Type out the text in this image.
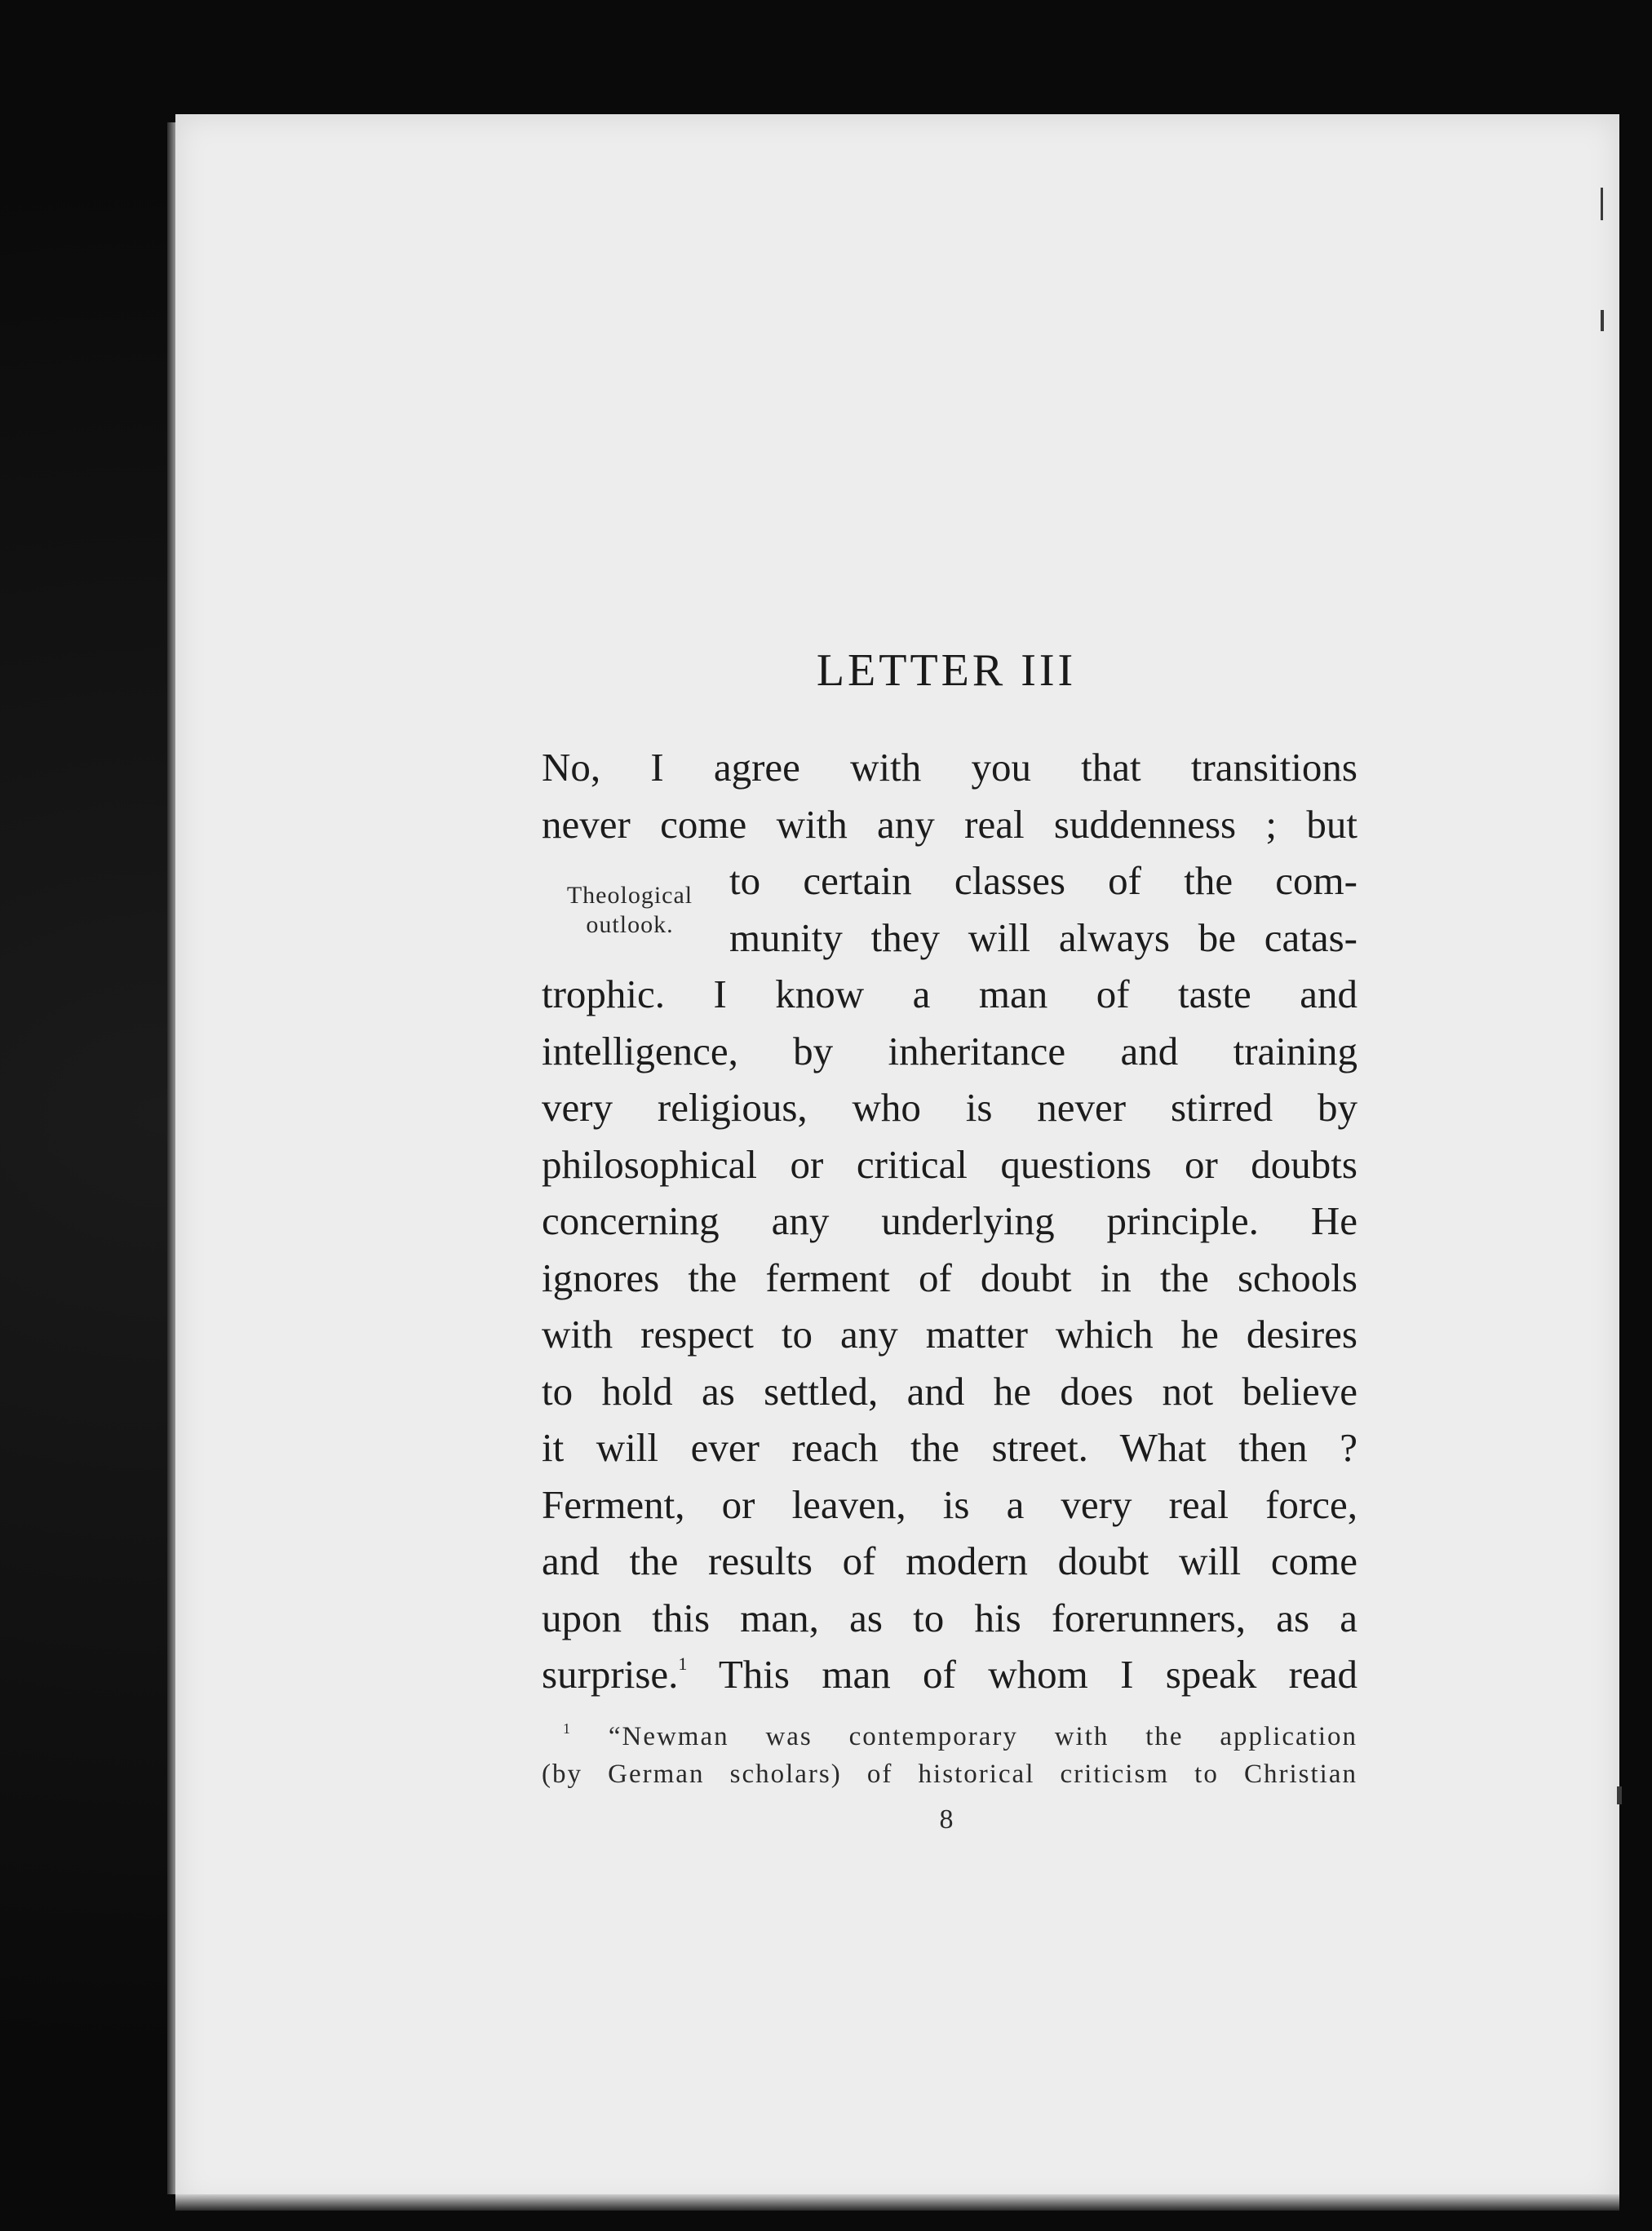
LETTER III
Theological
outlook.
No, I agree with you that transitions
never come with any real suddenness ; but
to certain classes of the com-
munity they will always be catas-
trophic. I know a man of taste and
intelligence, by inheritance and training
very religious, who is never stirred by
philosophical or critical questions or doubts
concerning any underlying principle. He
ignores the ferment of doubt in the schools
with respect to any matter which he desires
to hold as settled, and he does not believe
it will ever reach the street. What then ?
Ferment, or leaven, is a very real force,
and the results of modern doubt will come
upon this man, as to his forerunners, as a
surprise.$^1$ This man of whom I speak read
$^1$ “Newman was contemporary with the application
(by German scholars) of historical criticism to Christian
8
